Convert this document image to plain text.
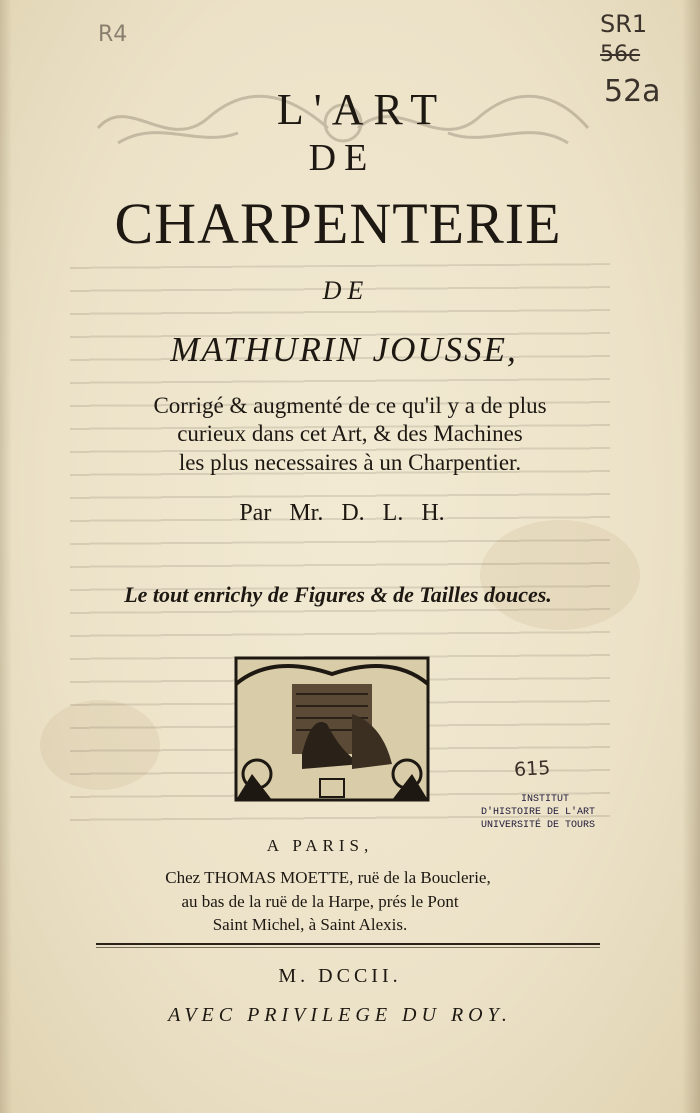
L'ART
DE
CHARPENTERIE
DE
MATHURIN JOUSSE,
Corrigé & augmenté de ce qu'il y a de plus
curieux dans cet Art, & des Machines
les plus necessaires à un Charpentier.
Par Mr. D. L. H.
Le tout enrichy de Figures & de Tailles douces.
615
INSTITUT
D'HISTOIRE DE L'ART
UNIVERSITÉ DE TOURS
A PARIS,
Chez THOMAS MOETTE, ruë de la Bouclerie,
au bas de la ruë de la Harpe, prés le Pont
Saint Michel, à Saint Alexis.
M. DCCII.
AVEC PRIVILEGE DU ROY.
SR1
56c
52a
R4
